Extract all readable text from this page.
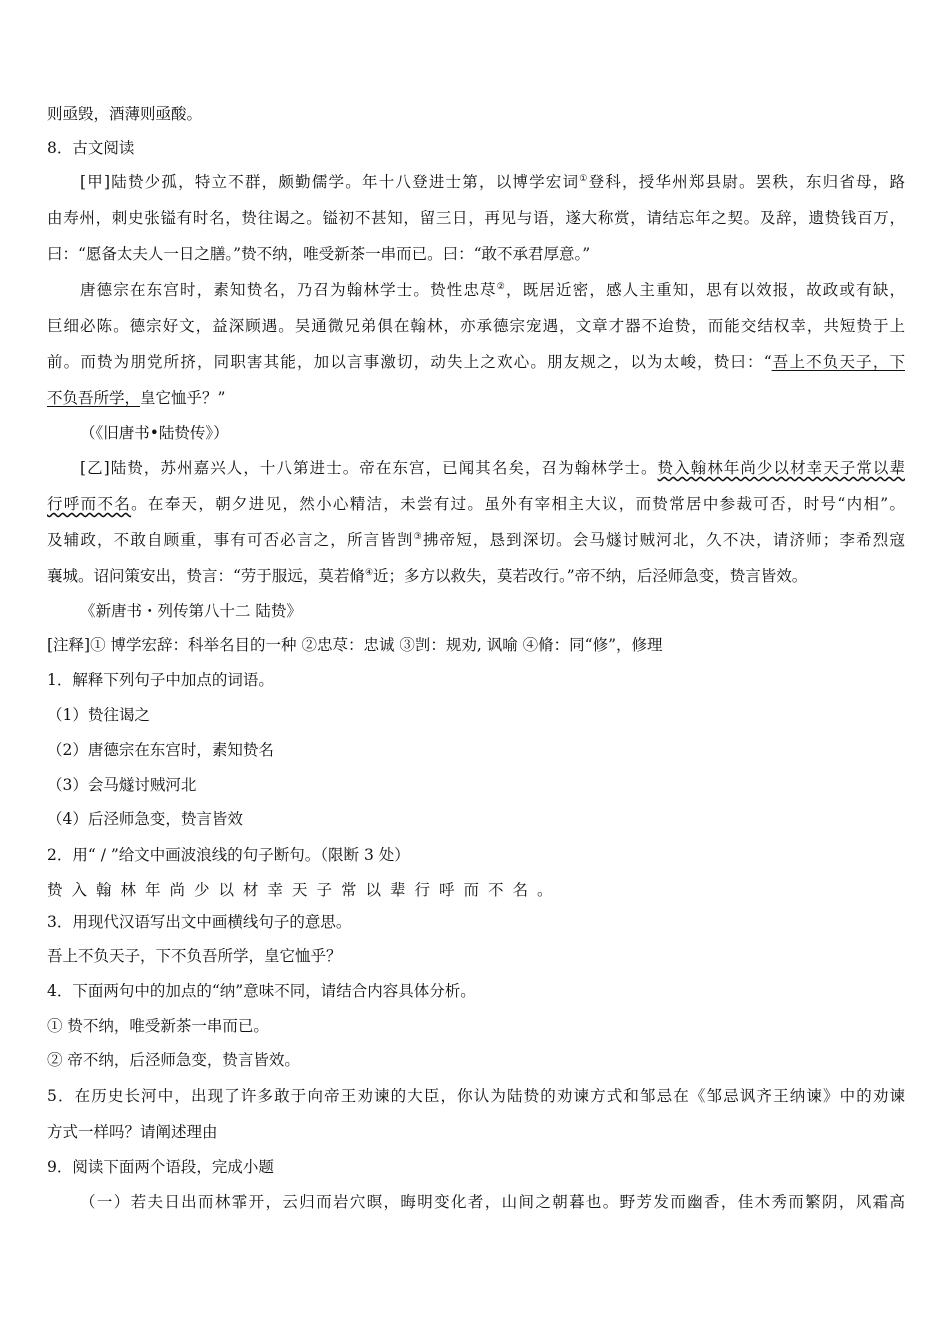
则亟毁，酒薄则亟酸。
8．古文阅读
[甲]陆贽少孤，特立不群，颇勤儒学。年十八登进士第，以博学宏词①登科，授华州郑县尉。罢秩，东归省母，路
由寿州，刺史张镒有时名，贽往谒之。镒初不甚知，留三日，再见与语，遂大称赏，请结忘年之契。及辞，遗贽钱百万，
曰：“愿备太夫人一日之膳。”贽不纳，唯受新茶一串而已。曰：“敢不承君厚意。”
唐德宗在东宫时，素知贽名，乃召为翰林学士。贽性忠荩②，既居近密，感人主重知，思有以效报，故政或有缺，
巨细必陈。德宗好文，益深顾遇。吴通微兄弟俱在翰林，亦承德宗宠遇，文章才器不迨贽，而能交结权幸，共短贽于上
前。而贽为朋党所挤，同职害其能，加以言事激切，动失上之欢心。朋友规之，以为太峻，贽曰：“吾上不负天子，下
不负吾所学，皇它恤乎？”
（《旧唐书•陆贽传》）
[乙]陆贽，苏州嘉兴人，十八第进士。帝在东宫，已闻其名矣，召为翰林学士。贽入翰林年尚少以材幸天子常以辈
行呼而不名。在奉天，朝夕进见，然小心精洁，未尝有过。虽外有宰相主大议，而贽常居中参裁可否，时号“内相”。
及辅政，不敢自顾重，事有可否必言之，所言皆剀③拂帝短，恳到深切。会马燧讨贼河北，久不决，请济师；李希烈寇
襄城。诏问策安出，贽言：“劳于服远，莫若脩④近；多方以救失，莫若改行。”帝不纳，后泾师急变，贽言皆效。
《新唐书・列传第八十二 陆贽》
[注释]① 博学宏辞：科举名目的一种 ②忠荩：忠诚 ③剀：规劝, 讽喻 ④脩：同“修”，修理
1．解释下列句子中加点的词语。
（1）贽往谒之
（2）唐德宗在东宫时，素知贽名
（3）会马燧讨贼河北
（4）后泾师急变，贽言皆效
2．用“ / ”给文中画波浪线的句子断句。（限断 3 处）
贽入翰林年尚少以材幸天子常以辈行呼而不名。
3．用现代汉语写出文中画横线句子的意思。
吾上不负天子，下不负吾所学，皇它恤乎？
4．下面两句中的加点的“纳”意味不同，请结合内容具体分析。
① 贽不纳，唯受新茶一串而已。
② 帝不纳，后泾师急变，贽言皆效。
5．在历史长河中，出现了许多敢于向帝王劝谏的大臣，你认为陆贽的劝谏方式和邹忌在《邹忌讽齐王纳谏》中的劝谏
方式一样吗？请阐述理由
9．阅读下面两个语段，完成小题
（一）若夫日出而林霏开，云归而岩穴暝，晦明变化者，山间之朝暮也。野芳发而幽香，佳木秀而繁阴，风霜高
